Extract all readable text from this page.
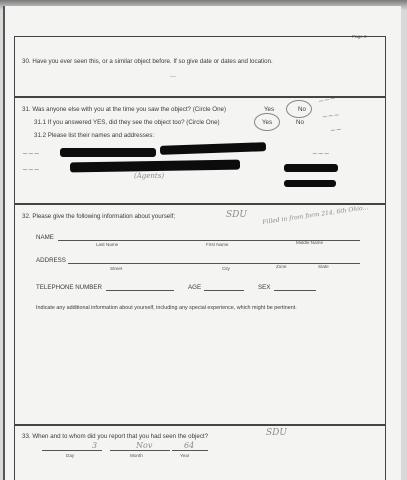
Page 8
30. Have you ever seen this, or a similar object before. If so give date or dates and location.
—
31. Was anyone else with you at the time you saw the object? (Circle One)	Yes	No
31.1 If you answered YES, did they see the object too? (Circle One)	Yes	No
31.2 Please list their names and addresses:
(Agents)
~~~
~~~
~~
~~~
~~~
~~~
32. Please give the following information about yourself;	SDU	Filled in from form 214, 6th Ohio...
NAME
Last Name	First Name	Middle Name
ADDRESS
Street	City	Zone	State
TELEPHONE NUMBER	AGE	SEX
Indicate any additional information about yourself, including any special experience, which might be pertinent.
33. When and to whom did you report that you had seen the object?	SDU
3	Nov	64
Day	Month	Year
